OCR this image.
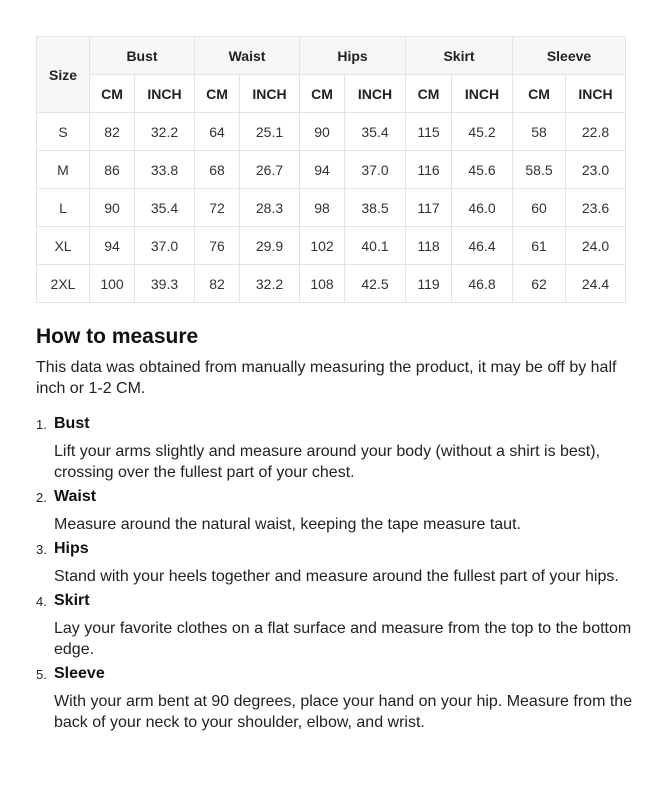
Size	Bust		Waist		Hips		Skirt		Sleeve	
	CM	INCH	CM	INCH	CM	INCH	CM	INCH	CM	INCH
S	82	32.2	64	25.1	90	35.4	115	45.2	58	22.8
M	86	33.8	68	26.7	94	37.0	116	45.6	58.5	23.0
L	90	35.4	72	28.3	98	38.5	117	46.0	60	23.6
XL	94	37.0	76	29.9	102	40.1	118	46.4	61	24.0
2XL	100	39.3	82	32.2	108	42.5	119	46.8	62	24.4
How to measure

This data was obtained from manually measuring the product, it may be off by half inch or 1-2 CM.

1. Bust
Lift your arms slightly and measure around your body (without a shirt is best), crossing over the fullest part of your chest.
2. Waist
Measure around the natural waist, keeping the tape measure taut.
3. Hips
Stand with your heels together and measure around the fullest part of your hips.
4. Skirt
Lay your favorite clothes on a flat surface and measure from the top to the bottom edge.
5. Sleeve
With your arm bent at 90 degrees, place your hand on your hip. Measure from the back of your neck to your shoulder, elbow, and wrist.
